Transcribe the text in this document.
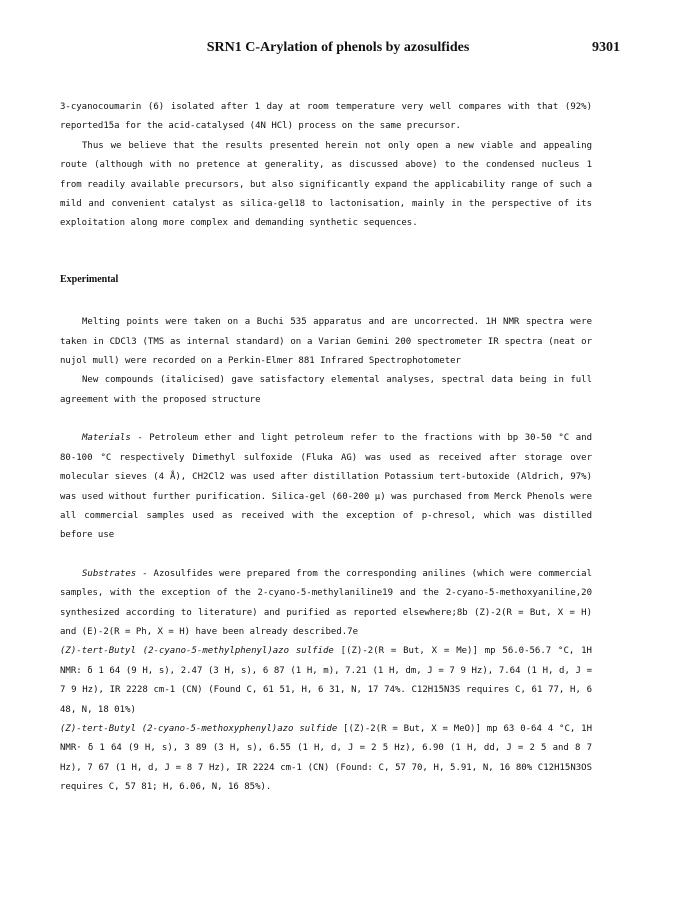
SRN1 C-Arylation of phenols by azosulfides	9301

3-cyanocoumarin (6) isolated after 1 day at room temperature very well compares with that (92%) reported15a for the acid-catalysed (4N HCl) process on the same precursor.

Thus we believe that the results presented herein not only open a new viable and appealing route (although with no pretence at generality, as discussed above) to the condensed nucleus 1 from readily available precursors, but also significantly expand the applicability range of such a mild and convenient catalyst as silica-gel18 to lactonisation, mainly in the perspective of its exploitation along more complex and demanding synthetic sequences.

Experimental

Melting points were taken on a Buchi 535 apparatus and are uncorrected. 1H NMR spectra were taken in CDCl3 (TMS as internal standard) on a Varian Gemini 200 spectrometer IR spectra (neat or nujol mull) were recorded on a Perkin-Elmer 881 Infrared Spectrophotometer

New compounds (italicised) gave satisfactory elemental analyses, spectral data being in full agreement with the proposed structure

Materials - Petroleum ether and light petroleum refer to the fractions with bp 30-50 °C and 80-100 °C respectively Dimethyl sulfoxide (Fluka AG) was used as received after storage over molecular sieves (4 Å), CH2Cl2 was used after distillation Potassium tert-butoxide (Aldrich, 97%) was used without further purification. Silica-gel (60-200 µ) was purchased from Merck Phenols were all commercial samples used as received with the exception of p-chresol, which was distilled before use

Substrates - Azosulfides were prepared from the corresponding anilines (which were commercial samples, with the exception of the 2-cyano-5-methylaniline19 and the 2-cyano-5-methoxyaniline,20 synthesized according to literature) and purified as reported elsewhere;8b (Z)-2(R = But, X = H) and (E)-2(R = Ph, X = H) have been already described.7e

(Z)-tert-Butyl (2-cyano-5-methylphenyl)azo sulfide [(Z)-2(R = But, X = Me)] mp 56.0-56.7 °C, 1H NMR: δ 1 64 (9 H, s), 2.47 (3 H, s), 6 87 (1 H, m), 7.21 (1 H, dm, J = 7 9 Hz), 7.64 (1 H, d, J = 7 9 Hz), IR 2228 cm-1 (CN) (Found C, 61 51, H, 6 31, N, 17 74%. C12H15N3S requires C, 61 77, H, 6 48, N, 18 01%)

(Z)-tert-Butyl (2-cyano-5-methoxyphenyl)azo sulfide [(Z)-2(R = But, X = MeO)] mp 63 0-64 4 °C, 1H NMR· δ 1 64 (9 H, s), 3 89 (3 H, s), 6.55 (1 H, d, J = 2 5 Hz), 6.90 (1 H, dd, J = 2 5 and 8 7 Hz), 7 67 (1 H, d, J = 8 7 Hz), IR 2224 cm-1 (CN) (Found: C, 57 70, H, 5.91, N, 16 80% C12H15N3OS requires C, 57 81; H, 6.06, N, 16 85%).
